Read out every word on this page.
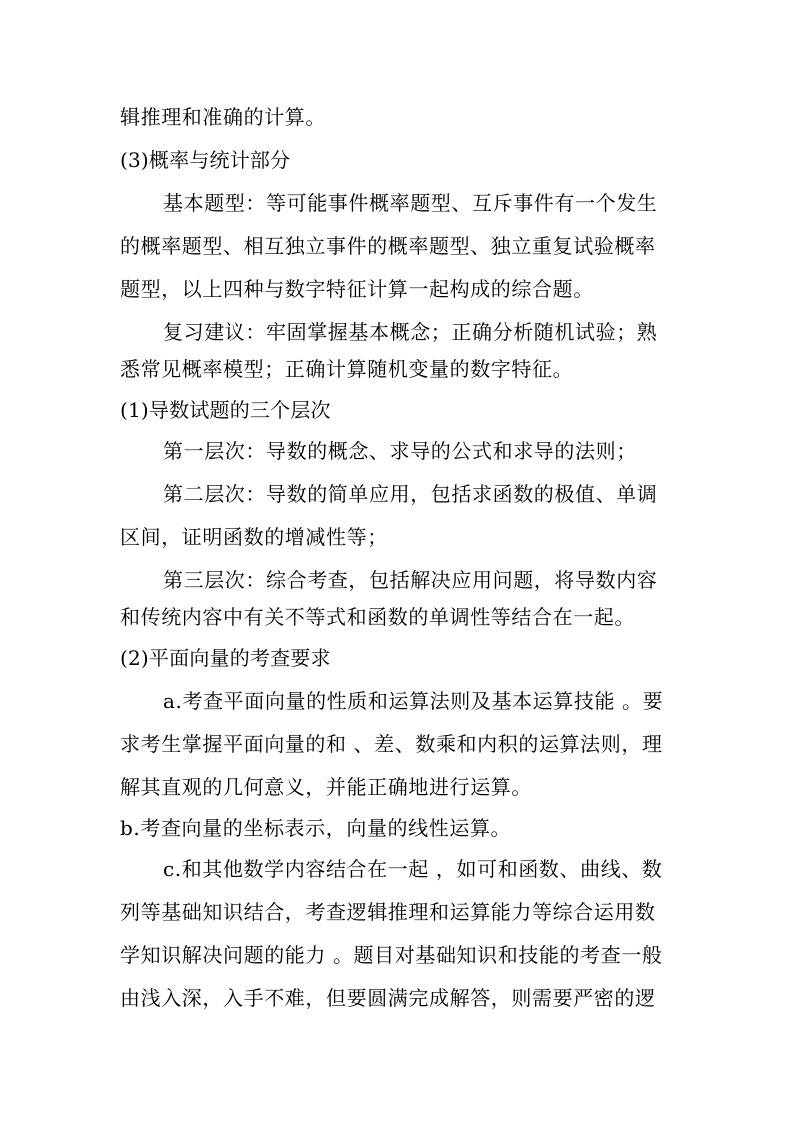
辑推理和准确的计算。
(3)概率与统计部分
基本题型：等可能事件概率题型、互斥事件有一个发生
的概率题型、相互独立事件的概率题型、独立重复试验概率
题型，以上四种与数字特征计算一起构成的综合题。
复习建议：牢固掌握基本概念；正确分析随机试验；熟
悉常见概率模型；正确计算随机变量的数字特征。
(1)导数试题的三个层次
第一层次：导数的概念、求导的公式和求导的法则；
第二层次：导数的简单应用，包括求函数的极值、单调
区间，证明函数的增减性等；
第三层次：综合考查，包括解决应用问题，将导数内容
和传统内容中有关不等式和函数的单调性等结合在一起。
(2)平面向量的考查要求
a.考查平面向量的性质和运算法则及基本运算技能 。要
求考生掌握平面向量的和 、差、数乘和内积的运算法则，理
解其直观的几何意义，并能正确地进行运算。
b.考查向量的坐标表示，向量的线性运算。
c.和其他数学内容结合在一起 ，如可和函数、曲线、数
列等基础知识结合，考查逻辑推理和运算能力等综合运用数
学知识解决问题的能力 。题目对基础知识和技能的考查一般
由浅入深，入手不难，但要圆满完成解答，则需要严密的逻
